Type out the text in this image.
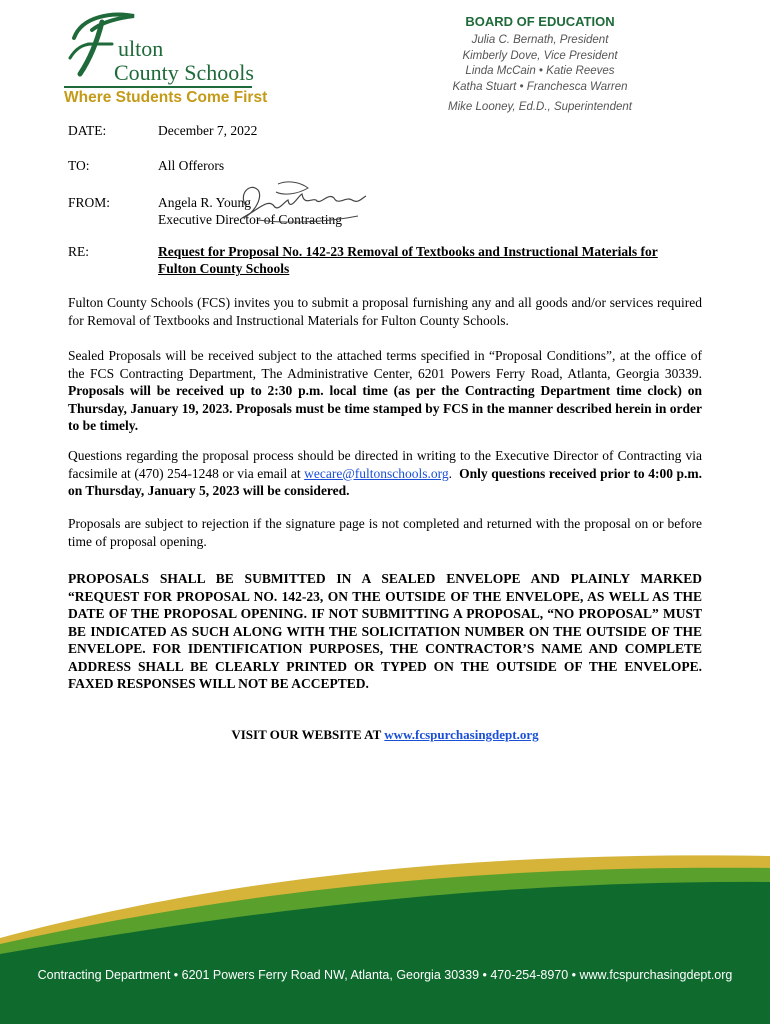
ulton
County Schools
Where Students Come First
BOARD OF EDUCATION
Julia C. Bernath, President
Kimberly Dove, Vice President
Linda McCain • Katie Reeves
Katha Stuart • Franchesca Warren
Mike Looney, Ed.D., Superintendent
DATE:	December 7, 2022
TO:	All Offerors
FROM:	Angela R. Young
Executive Director of Contracting
RE:	Request for Proposal No. 142-23 Removal of Textbooks and Instructional Materials for
Fulton County Schools
Fulton County Schools (FCS) invites you to submit a proposal furnishing any and all goods and/or services required for Removal of Textbooks and Instructional Materials for Fulton County Schools.
Sealed Proposals will be received subject to the attached terms specified in “Proposal Conditions”, at the office of the FCS Contracting Department, The Administrative Center, 6201 Powers Ferry Road, Atlanta, Georgia 30339. Proposals will be received up to 2:30 p.m. local time (as per the Contracting Department time clock) on Thursday, January 19, 2023. Proposals must be time stamped by FCS in the manner described herein in order to be timely.
Questions regarding the proposal process should be directed in writing to the Executive Director of Contracting via facsimile at (470) 254-1248 or via email at wecare@fultonschools.org.  Only questions received prior to 4:00 p.m. on Thursday, January 5, 2023 will be considered.
Proposals are subject to rejection if the signature page is not completed and returned with the proposal on or before time of proposal opening.
PROPOSALS SHALL BE SUBMITTED IN A SEALED ENVELOPE AND PLAINLY MARKED “REQUEST FOR PROPOSAL NO. 142-23, ON THE OUTSIDE OF THE ENVELOPE, AS WELL AS THE DATE OF THE PROPOSAL OPENING. IF NOT SUBMITTING A PROPOSAL, “NO PROPOSAL” MUST BE INDICATED AS SUCH ALONG WITH THE SOLICITATION NUMBER ON THE OUTSIDE OF THE ENVELOPE. FOR IDENTIFICATION PURPOSES, THE CONTRACTOR’S NAME AND COMPLETE ADDRESS SHALL BE CLEARLY PRINTED OR TYPED ON THE OUTSIDE OF THE ENVELOPE. FAXED RESPONSES WILL NOT BE ACCEPTED.
VISIT OUR WEBSITE AT www.fcspurchasingdept.org
Contracting Department • 6201 Powers Ferry Road NW, Atlanta, Georgia 30339 • 470-254-8970 • www.fcspurchasingdept.org
